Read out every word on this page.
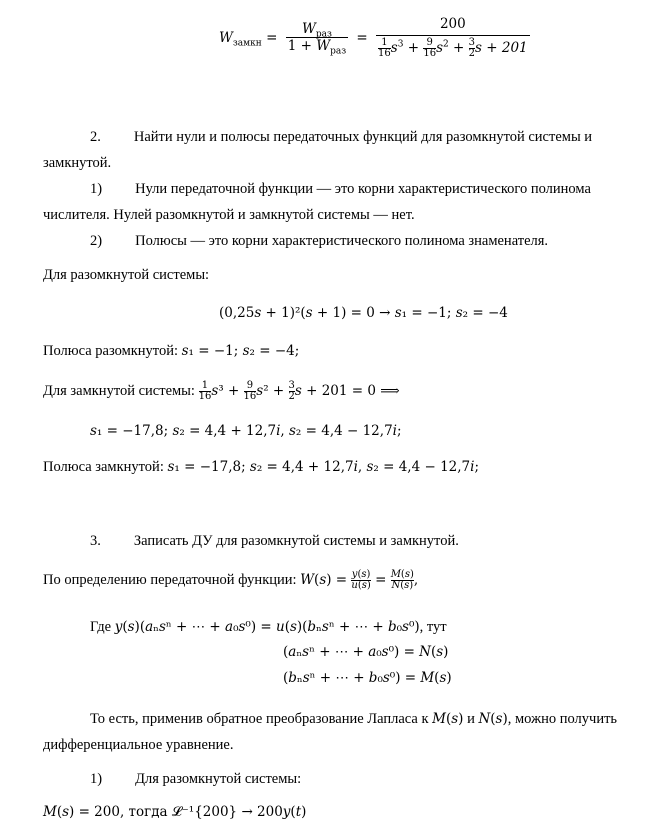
$W_{замкн} = \frac{W_{раз}}{1 + W_{раз}} = \frac{200}{\frac{1}{16} s^3 + \frac{9}{16} s^2 + \frac{3}{2} s + 201}$
2. Найти нули и полюсы передаточных функций для разомкнутой системы и
замкнутой.
1) Нули передаточной функции — это корни характеристического полинома
числителя. Нулей разомкнутой и замкнутой системы — нет.
2) Полюсы — это корни характеристического полинома знаменателя.
Для разомкнутой системы:
(0,25𝑠 + 1)²(𝑠 + 1) = 0 → 𝑠₁ = −1; 𝑠₂ = −4
Полюса разомкнутой: 𝑠₁ = −1; 𝑠₂ = −4;
Для замкнутой системы: $\frac{1}{16}$ 𝑠³ + $\frac{9}{16}$ 𝑠² + $\frac{3}{2}$ 𝑠 + 201 = 0 ⟹
𝑠₁ = −17,8; 𝑠₂ = 4,4 + 12,7𝑖, 𝑠₂ = 4,4 − 12,7𝑖;
Полюса замкнутой: 𝑠₁ = −17,8; 𝑠₂ = 4,4 + 12,7𝑖, 𝑠₂ = 4,4 − 12,7𝑖;
3. Записать ДУ для разомкнутой системы и замкнутой.
По определению передаточной функции: 𝑊(𝑠) = $\frac{\text{𝑦(𝑠)}}{\text{𝑢(𝑠)}} = \frac{\text{𝑀(𝑠)}}{\text{𝑁(𝑠)}}$ ,
Где 𝑦(𝑠)(𝑎ₙ𝑠ⁿ + ⋯ + 𝑎₀𝑠⁰) = 𝑢(𝑠)(𝑏ₙ𝑠ⁿ + ⋯ + 𝑏₀𝑠⁰), тут
(𝑎ₙ𝑠ⁿ + ⋯ + 𝑎₀𝑠⁰) = 𝑁(𝑠)
(𝑏ₙ𝑠ⁿ + ⋯ + 𝑏₀𝑠⁰) = 𝑀(𝑠)
То есть, применив обратное преобразование Лапласа к 𝑀(𝑠) и 𝑁(𝑠), можно получить
дифференциальное уравнение.
1) Для разомкнутой системы:
𝑀(𝑠) = 200, тогда 𝓛⁻¹{200} → 200𝑦(𝑡)
